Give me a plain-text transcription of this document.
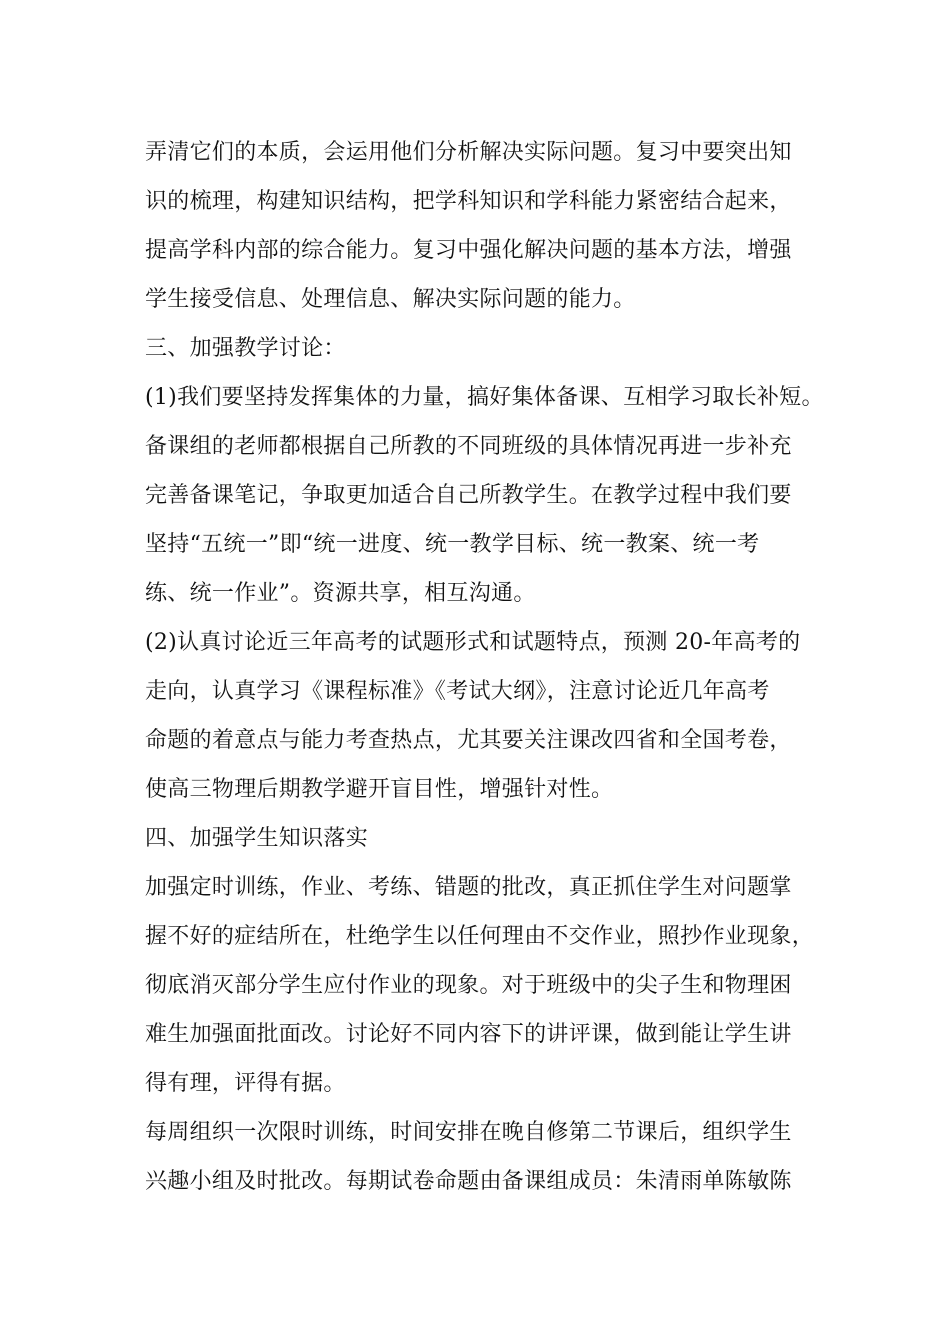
弄清它们的本质，会运用他们分析解决实际问题。复习中要突出知
识的梳理，构建知识结构，把学科知识和学科能力紧密结合起来，
提高学科内部的综合能力。复习中强化解决问题的基本方法，增强
学生接受信息、处理信息、解决实际问题的能力。
三、加强教学讨论：
(1)我们要坚持发挥集体的力量，搞好集体备课、互相学习取长补短。
备课组的老师都根据自己所教的不同班级的具体情况再进一步补充
完善备课笔记，争取更加适合自己所教学生。在教学过程中我们要
坚持“五统一”即“统一进度、统一教学目标、统一教案、统一考
练、统一作业”。资源共享，相互沟通。
(2)认真讨论近三年高考的试题形式和试题特点，预测 20-年高考的
走向，认真学习《课程标准》《考试大纲》，注意讨论近几年高考
命题的着意点与能力考查热点，尤其要关注课改四省和全国考卷，
使高三物理后期教学避开盲目性，增强针对性。
四、加强学生知识落实
加强定时训练，作业、考练、错题的批改，真正抓住学生对问题掌
握不好的症结所在，杜绝学生以任何理由不交作业，照抄作业现象，
彻底消灭部分学生应付作业的现象。对于班级中的尖子生和物理困
难生加强面批面改。讨论好不同内容下的讲评课，做到能让学生讲
得有理，评得有据。
每周组织一次限时训练，时间安排在晚自修第二节课后，组织学生
兴趣小组及时批改。每期试卷命题由备课组成员：朱清雨单陈敏陈
